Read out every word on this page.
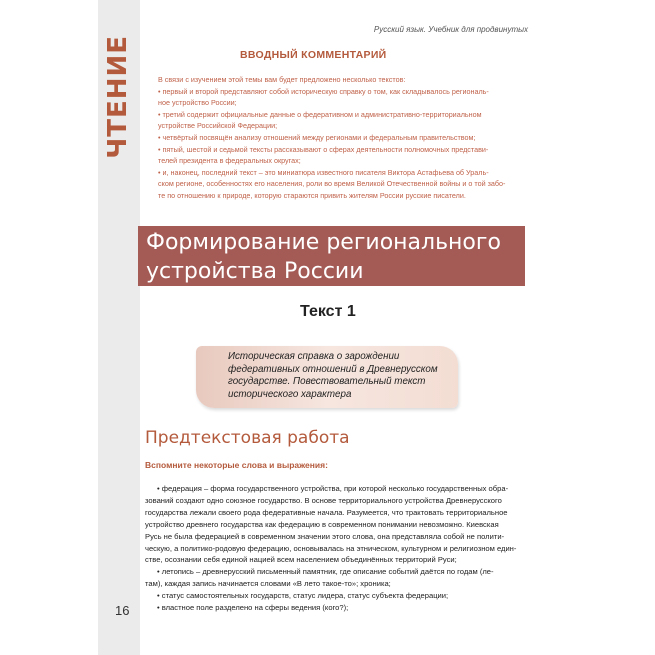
ЧТЕНИЕ
16
Русский язык. Учебник для продвинутых
ВВОДНЫЙ КОММЕНТАРИЙ

В связи с изучением этой темы вам будет предложено несколько текстов:

• первый и второй представляют собой историческую справку о том, как складывалось региональ-

ное устройство России;

• третий содержит официальные данные о федеративном и административно-территориальном

устройстве Российской Федерации;

• четвёртый посвящён анализу отношений между регионами и федеральным правительством;

• пятый, шестой и седьмой тексты рассказывают о сферах деятельности полномочных представи-

телей президента в федеральных округах;

• и, наконец, последний текст – это миниатюра известного писателя Виктора Астафьева об Ураль-

ском регионе, особенностях его населения, роли во время Великой Отечественной войны и о той забо-

те по отношению к природе, которую стараются привить жителям России русские писатели.

Формирование регионального
устройства России
Текст 1
Историческая справка о зарождении
федеративных отношений в Древнерусском
государстве. Повествовательный текст
исторического характера
Предтекстовая работа
Вспомните некоторые слова и выражения:

• федерация – форма государственного устройства, при которой несколько государственных обра-

зований создают одно союзное государство. В основе территориального устройства Древнерусского

государства лежали своего рода федеративные начала. Разумеется, что трактовать территориальное

устройство древнего государства как федерацию в современном понимании невозможно. Киевская

Русь не была федерацией в современном значении этого слова, она представляла собой не полити-

ческую, а политико-родовую федерацию, основывалась на этническом, культурном и религиозном един-

стве, осознании себя единой нацией всем населением объединённых территорий Руси;

• летопись – древнерусский письменный памятник, где описание событий даётся по годам (ле-

там), каждая запись начинается словами «В лето такое-то»; хроника;

• статус самостоятельных государств, статус лидера, статус субъекта федерации;

• властное поле разделено на сферы ведения (кого?);
